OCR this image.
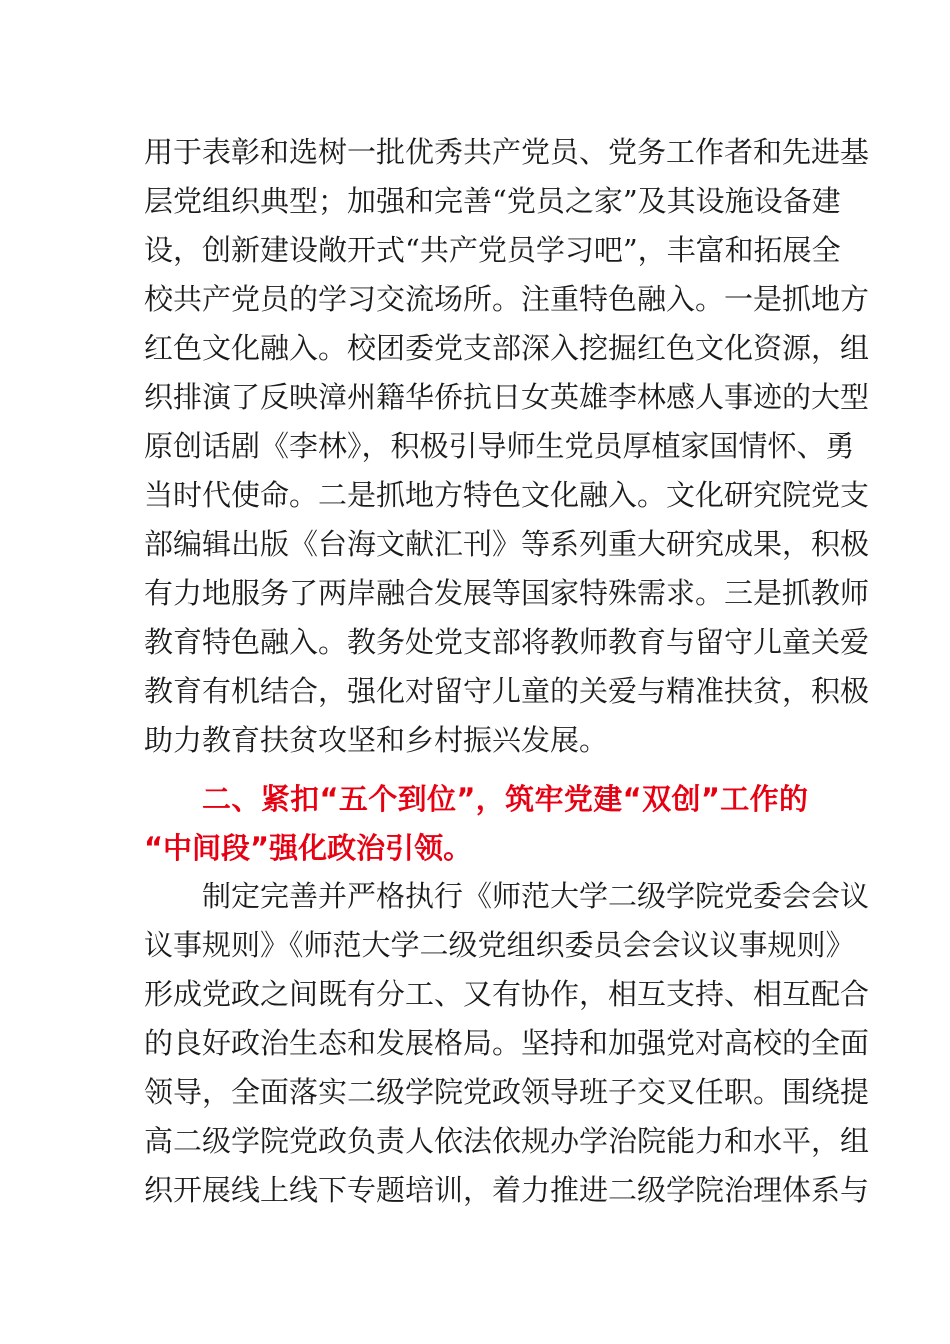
用于表彰和选树一批优秀共产党员、党务工作者和先进基
层党组织典型；加强和完善“党员之家”及其设施设备建
设，创新建设敞开式“共产党员学习吧”，丰富和拓展全
校共产党员的学习交流场所。注重特色融入。一是抓地方
红色文化融入。校团委党支部深入挖掘红色文化资源，组
织排演了反映漳州籍华侨抗日女英雄李林感人事迹的大型
原创话剧《李林》，积极引导师生党员厚植家国情怀、勇
当时代使命。二是抓地方特色文化融入。文化研究院党支
部编辑出版《台海文献汇刊》等系列重大研究成果，积极
有力地服务了两岸融合发展等国家特殊需求。三是抓教师
教育特色融入。教务处党支部将教师教育与留守儿童关爱
教育有机结合，强化对留守儿童的关爱与精准扶贫，积极
助力教育扶贫攻坚和乡村振兴发展。
二、紧扣“五个到位”，筑牢党建“双创”工作的
“中间段”强化政治引领。
制定完善并严格执行《师范大学二级学院党委会会议
议事规则》《师范大学二级党组织委员会会议议事规则》
形成党政之间既有分工、又有协作，相互支持、相互配合
的良好政治生态和发展格局。坚持和加强党对高校的全面
领导，全面落实二级学院党政领导班子交叉任职。围绕提
高二级学院党政负责人依法依规办学治院能力和水平，组
织开展线上线下专题培训，着力推进二级学院治理体系与
